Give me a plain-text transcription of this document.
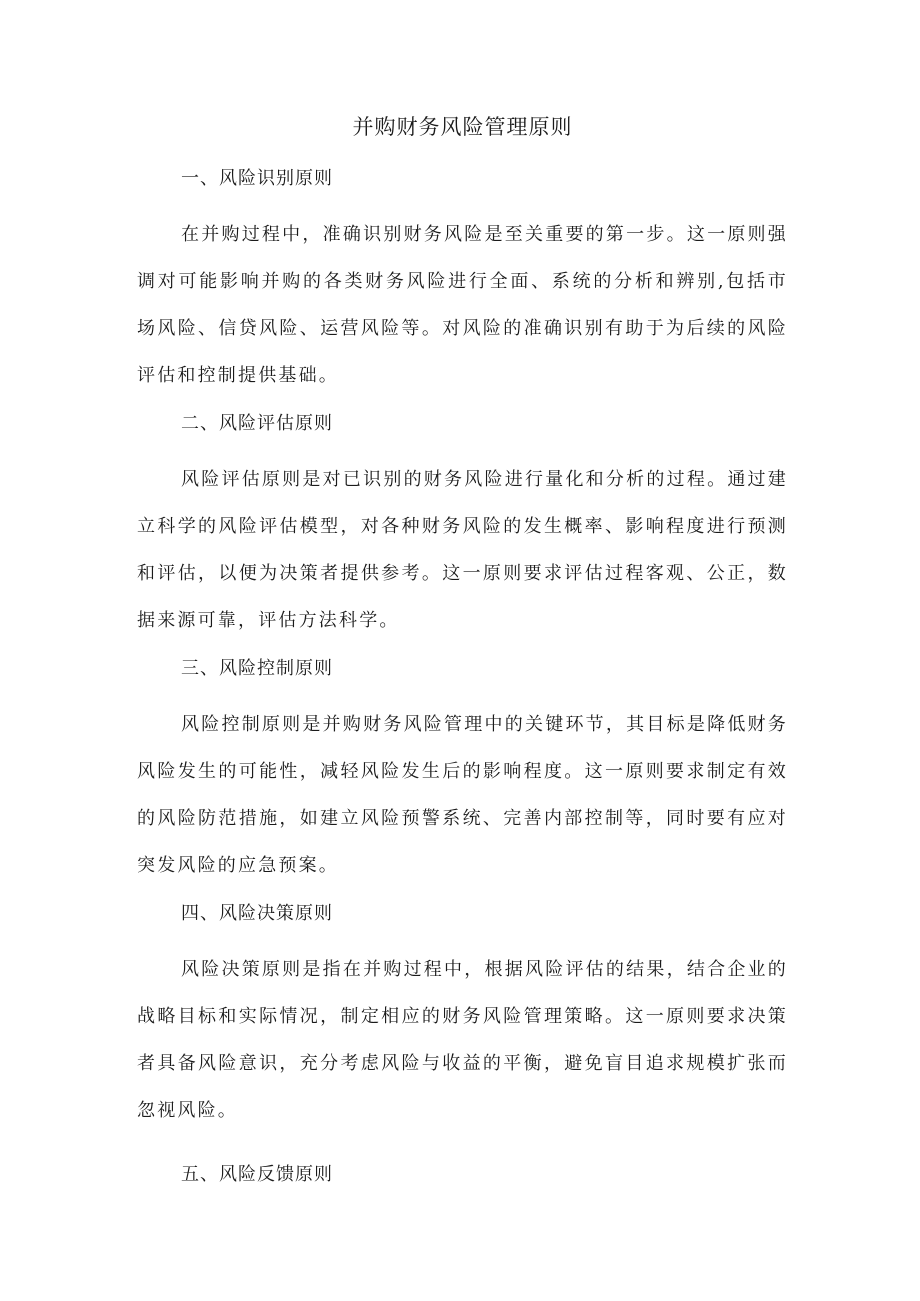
并购财务风险管理原则
一、风险识别原则

在并购过程中，准确识别财务风险是至关重要的第一步。这一原则强调对可能影响并购的各类财务风险进行全面、系统的分析和辨别,包括市场风险、信贷风险、运营风险等。对风险的准确识别有助于为后续的风险评估和控制提供基础。

二、风险评估原则

风险评估原则是对已识别的财务风险进行量化和分析的过程。通过建立科学的风险评估模型，对各种财务风险的发生概率、影响程度进行预测和评估，以便为决策者提供参考。这一原则要求评估过程客观、公正，数据来源可靠，评估方法科学。

三、风险控制原则

风险控制原则是并购财务风险管理中的关键环节，其目标是降低财务风险发生的可能性，减轻风险发生后的影响程度。这一原则要求制定有效的风险防范措施，如建立风险预警系统、完善内部控制等，同时要有应对突发风险的应急预案。

四、风险决策原则

风险决策原则是指在并购过程中，根据风险评估的结果，结合企业的战略目标和实际情况，制定相应的财务风险管理策略。这一原则要求决策者具备风险意识，充分考虑风险与收益的平衡，避免盲目追求规模扩张而忽视风险。

五、风险反馈原则
